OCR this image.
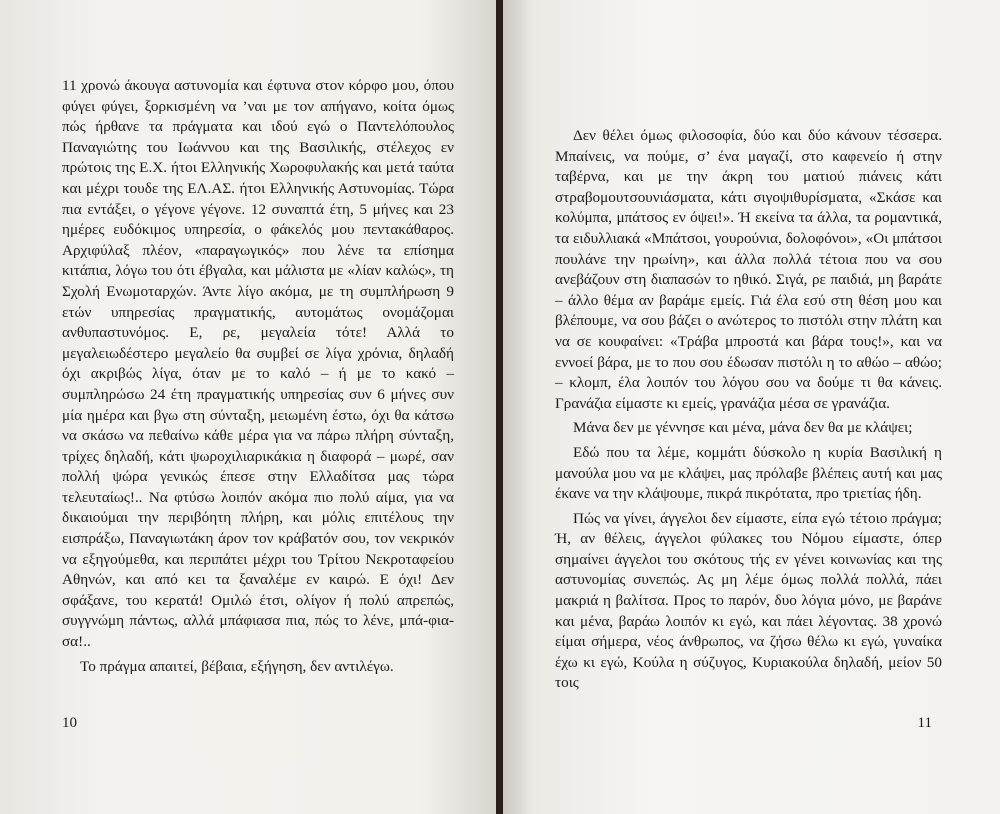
11 χρονώ άκουγα αστυνομία και έφτυνα στον κόρφο μου, όπου φύγει φύγει, ξορκισμένη να ’ναι με τον απήγανο, κοίτα όμως πώς ήρθανε τα πράγματα και ιδού εγώ ο Παντελόπουλος Παναγιώτης του Ιωάννου και της Βασιλικής, στέλεχος εν πρώτοις της Ε.Χ. ήτοι Ελληνικής Χωροφυλακής και μετά ταύτα και μέχρι τουδε της ΕΛ.ΑΣ. ήτοι Ελληνικής Αστυνομίας. Τώρα πια εντάξει, ο γέγονε γέγονε. 12 συναπτά έτη, 5 μήνες και 23 ημέρες ευδόκιμος υπηρεσία, ο φάκελός μου πεντακάθαρος. Αρχιφύλαξ πλέον, «παραγωγικός» που λένε τα επίσημα κιτάπια, λόγω του ότι έβγαλα, και μάλιστα με «λίαν καλώς», τη Σχολή Ενωμοταρχών. Άντε λίγο ακόμα, με τη συμπλήρωση 9 ετών υπηρεσίας πραγματικής, αυτομάτως ονομάζομαι ανθυπαστυνόμος. Ε, ρε, μεγαλεία τότε! Αλλά το μεγαλειωδέστερο μεγαλείο θα συμβεί σε λίγα χρόνια, δηλαδή όχι ακριβώς λίγα, όταν με το καλό – ή με το κακό – συμπληρώσω 24 έτη πραγματικής υπηρεσίας συν 6 μήνες συν μία ημέρα και βγω στη σύνταξη, μειωμένη έστω, όχι θα κάτσω να σκάσω να πεθαίνω κάθε μέρα για να πάρω πλήρη σύνταξη, τρίχες δηλαδή, κάτι ψωροχιλιαρικάκια η διαφορά – μωρέ, σαν πολλή ψώρα γενικώς έπεσε στην Ελλαδίτσα μας τώρα τελευταίως!.. Να φτύσω λοιπόν ακόμα πιο πολύ αίμα, για να δικαιούμαι την περιβόητη πλήρη, και μόλις επιτέλους την εισπράξω, Παναγιωτάκη άρον τον κράβατόν σου, τον νεκρικόν να εξηγούμεθα, και περιπάτει μέχρι του Τρίτου Νεκροταφείου Αθηνών, και από κει τα ξαναλέμε εν καιρώ. Ε όχι! Δεν σφάξανε, του κερατά! Ομιλώ έτσι, ολίγον ή πολύ απρεπώς, συγγνώμη πάντως, αλλά μπάφιασα πια, πώς το λένε, μπά-φια-σα!..

Το πράγμα απαιτεί, βέβαια, εξήγηση, δεν αντιλέγω.

10

Δεν θέλει όμως φιλοσοφία, δύο και δύο κάνουν τέσσερα. Μπαίνεις, να πούμε, σ’ ένα μαγαζί, στο καφενείο ή στην ταβέρνα, και με την άκρη του ματιού πιάνεις κάτι στραβομουτσουνιάσματα, κάτι σιγοψιθυρίσματα, «Σκάσε και κολύμπα, μπάτσος εν όψει!». Ή εκείνα τα άλλα, τα ρομαντικά, τα ειδυλλιακά «Μπάτσοι, γουρούνια, δολοφόνοι», «Οι μπάτσοι πουλάνε την ηρωίνη», και άλλα πολλά τέτοια που να σου ανεβάζουν στη διαπασών το ηθικό. Σιγά, ρε παιδιά, μη βαράτε – άλλο θέμα αν βαράμε εμείς. Γιά έλα εσύ στη θέση μου και βλέπουμε, να σου βάζει ο ανώτερος το πιστόλι στην πλάτη και να σε κουφαίνει: «Τράβα μπροστά και βάρα τους!», και να εννοεί βάρα, με το που σου έδωσαν πιστόλι η το αθώο – αθώο; – κλομπ, έλα λοιπόν του λόγου σου να δούμε τι θα κάνεις. Γρανάζια είμαστε κι εμείς, γρανάζια μέσα σε γρανάζια.

Μάνα δεν με γέννησε και μένα, μάνα δεν θα με κλάψει;

Εδώ που τα λέμε, κομμάτι δύσκολο η κυρία Βασιλική η μανούλα μου να με κλάψει, μας πρόλαβε βλέπεις αυτή και μας έκανε να την κλάψουμε, πικρά πικρότατα, προ τριετίας ήδη.

Πώς να γίνει, άγγελοι δεν είμαστε, είπα εγώ τέτοιο πράγμα; Ή, αν θέλεις, άγγελοι φύλακες του Νόμου είμαστε, όπερ σημαίνει άγγελοι του σκότους τής εν γένει κοινωνίας και της αστυνομίας συνεπώς. Ας μη λέμε όμως πολλά πολλά, πάει μακριά η βαλίτσα. Προς το παρόν, δυο λόγια μόνο, με βαράνε και μένα, βαράω λοιπόν κι εγώ, και πάει λέγοντας. 38 χρονώ είμαι σήμερα, νέος άνθρωπος, να ζήσω θέλω κι εγώ, γυναίκα έχω κι εγώ, Κούλα η σύζυγος, Κυριακούλα δηλαδή, μείον 50 τοις

11
